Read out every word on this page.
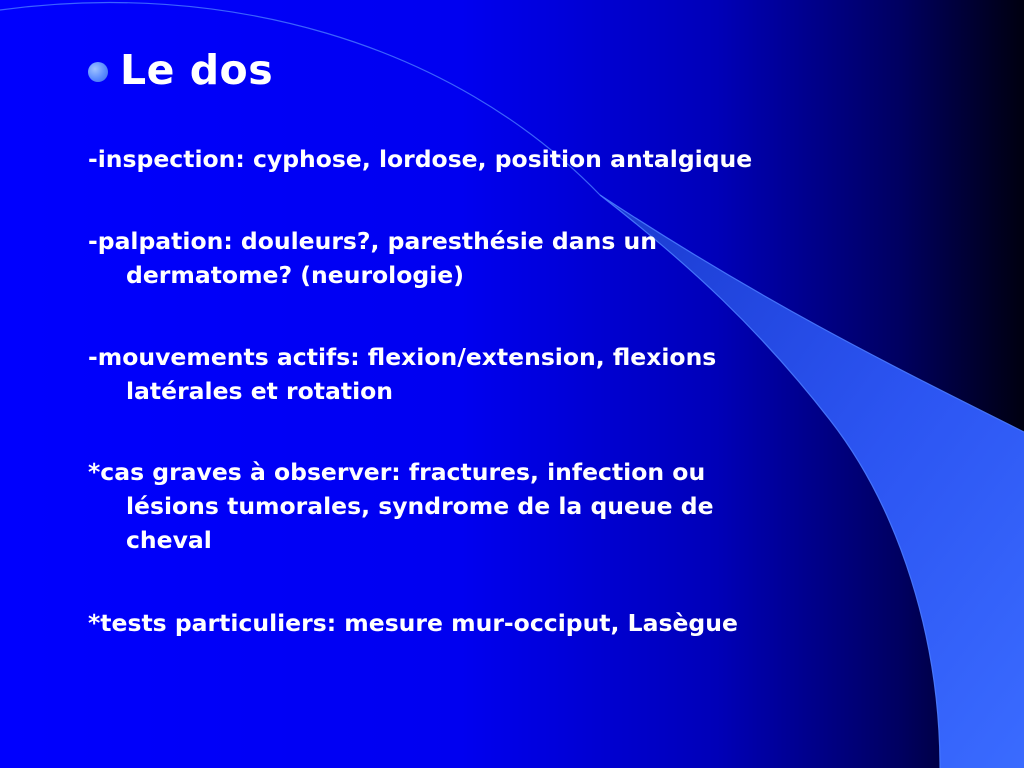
Le dos
-inspection: cyphose, lordose, position antalgique
-palpation: douleurs?, paresthésie dans un
dermatome? (neurologie)
-mouvements actifs: flexion/extension, flexions
latérales et rotation
*cas graves à observer: fractures, infection ou
lésions tumorales, syndrome de la queue de
cheval
*tests particuliers: mesure mur-occiput, Lasègue
